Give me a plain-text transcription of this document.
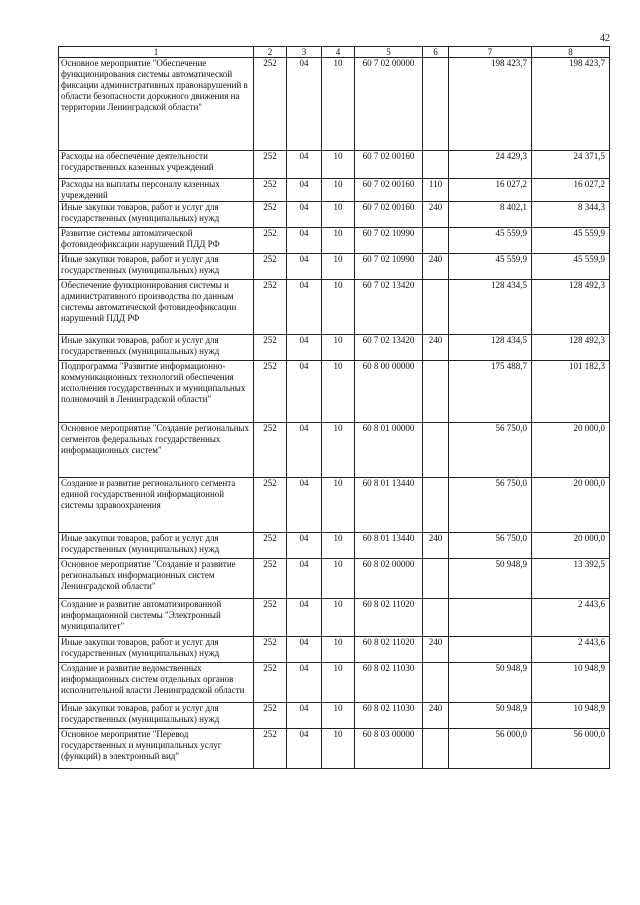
42
1	2	3	4	5	6	7	8
Основное мероприятие "Обеспечение функционирования системы автоматической фиксации административных правонарушений в области безопасности дорожного движения на территории Ленинградской области"	252	04	10	60 7 02 00000		198 423,7	198 423,7
Расходы на обеспечение деятельности государственных казенных учреждений	252	04	10	60 7 02 00160		24 429,3	24 371,5
Расходы на выплаты персоналу казенных учреждений	252	04	10	60 7 02 00160	110	16 027,2	16 027,2
Иные закупки товаров, работ и услуг для государственных (муниципальных) нужд	252	04	10	60 7 02 00160	240	8 402,1	8 344,3
Развитие системы автоматической фотовидеофиксации нарушений ПДД РФ	252	04	10	60 7 02 10990		45 559,9	45 559,9
Иные закупки товаров, работ и услуг для государственных (муниципальных) нужд	252	04	10	60 7 02 10990	240	45 559,9	45 559,9
Обеспечение функционирования системы и административного производства по данным системы автоматической фотовидеофиксации нарушений ПДД РФ	252	04	10	60 7 02 13420		128 434,5	128 492,3
Иные закупки товаров, работ и услуг для государственных (муниципальных) нужд	252	04	10	60 7 02 13420	240	128 434,5	128 492,3
Подпрограмма "Развитие информационно-коммуникационных технологий обеспечения исполнения государственных и муниципальных полномочий в Ленинградской области"	252	04	10	60 8 00 00000		175 488,7	101 182,3
Основное мероприятие "Создание региональных сегментов федеральных государственных информационных систем"	252	04	10	60 8 01 00000		56 750,0	20 000,0
Создание и развитие регионального сегмента единой государственной информационной системы здравоохранения	252	04	10	60 8 01 13440		56 750,0	20 000,0
Иные закупки товаров, работ и услуг для государственных (муниципальных) нужд	252	04	10	60 8 01 13440	240	56 750,0	20 000,0
Основное мероприятие "Создание и развитие региональных информационных систем Ленинградской области"	252	04	10	60 8 02 00000		50 948,9	13 392,5
Создание и развитие автоматизированной информационной системы "Электронный муниципалитет"	252	04	10	60 8 02 11020			2 443,6
Иные закупки товаров, работ и услуг для государственных (муниципальных) нужд	252	04	10	60 8 02 11020	240		2 443,6
Создание и развитие ведомственных информационных систем отдельных органов исполнительной власти Ленинградской области	252	04	10	60 8 02 11030		50 948,9	10 948,9
Иные закупки товаров, работ и услуг для государственных (муниципальных) нужд	252	04	10	60 8 02 11030	240	50 948,9	10 948,9
Основное мероприятие "Перевод государственных и муниципальных услуг (функций) в электронный вид"	252	04	10	60 8 03 00000		56 000,0	56 000,0
